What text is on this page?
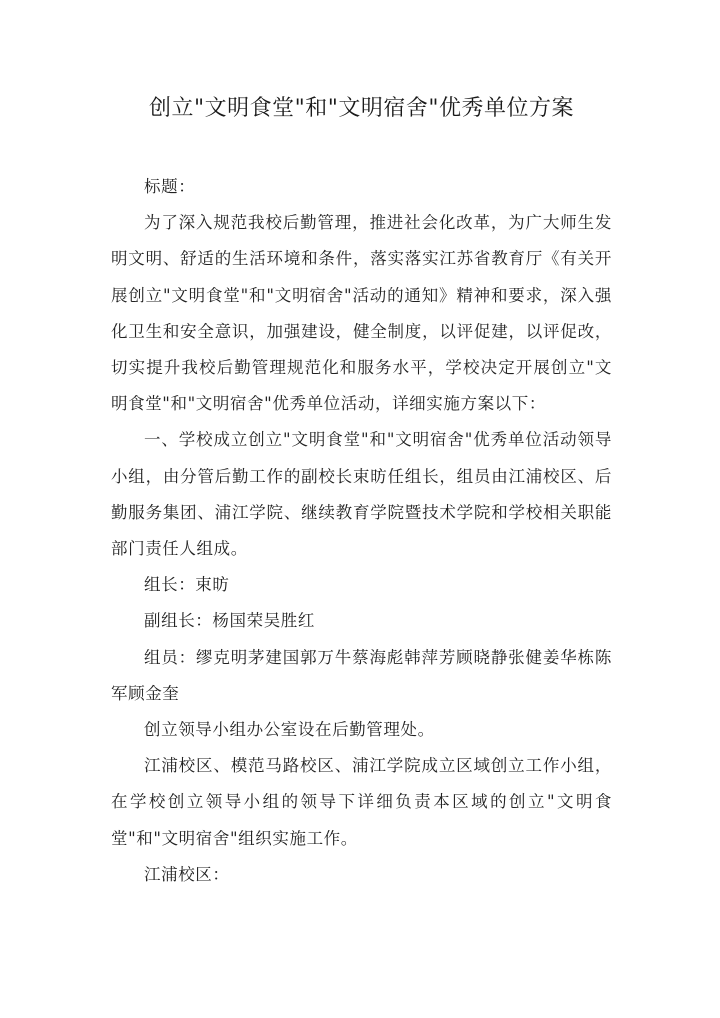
创立"文明食堂"和"文明宿舍"优秀单位方案

标题：

为了深入规范我校后勤管理，推进社会化改革，为广大师生发明文明、舒适的生活环境和条件，落实落实江苏省教育厅《有关开展创立"文明食堂"和"文明宿舍"活动的通知》精神和要求，深入强化卫生和安全意识，加强建设，健全制度，以评促建，以评促改，切实提升我校后勤管理规范化和服务水平，学校决定开展创立"文明食堂"和"文明宿舍"优秀单位活动，详细实施方案以下：

一、学校成立创立"文明食堂"和"文明宿舍"优秀单位活动领导小组，由分管后勤工作的副校长束昉任组长，组员由江浦校区、后勤服务集团、浦江学院、继续教育学院暨技术学院和学校相关职能部门责任人组成。

组长：束昉

副组长：杨国荣吴胜红

组员：缪克明茅建国郭万牛蔡海彪韩萍芳顾晓静张健姜华栋陈军顾金奎

创立领导小组办公室设在后勤管理处。

江浦校区、模范马路校区、浦江学院成立区域创立工作小组，在学校创立领导小组的领导下详细负责本区域的创立"文明食堂"和"文明宿舍"组织实施工作。

江浦校区：
